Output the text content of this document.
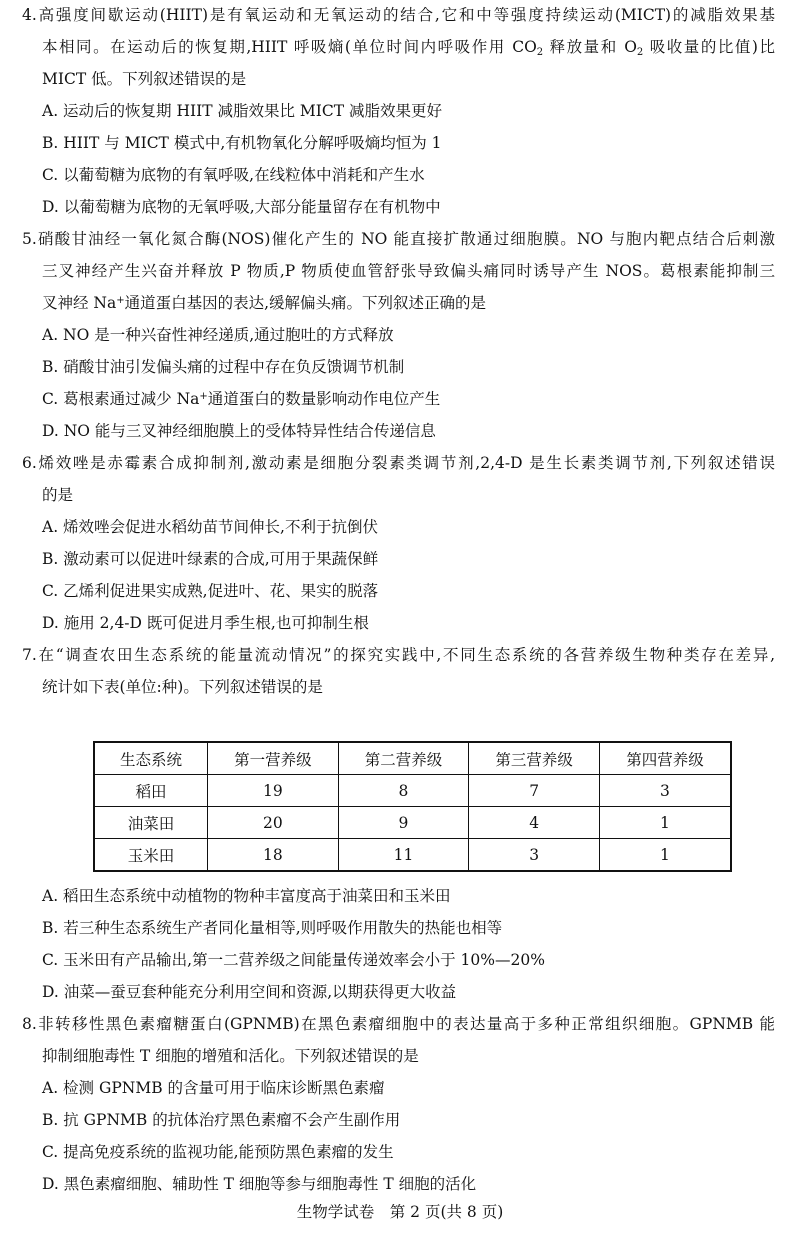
4.高强度间歇运动(HIIT)是有氧运动和无氧运动的结合,它和中等强度持续运动(MICT)的减脂效果基
本相同。在运动后的恢复期,HIIT 呼吸熵(单位时间内呼吸作用 $CO_2$ 释放量和 $O_2$ 吸收量的比值)比
MICT 低。下列叙述错误的是
A. 运动后的恢复期 HIIT 减脂效果比 MICT 减脂效果更好
B. HIIT 与 MICT 模式中,有机物氧化分解呼吸熵均恒为 1
C. 以葡萄糖为底物的有氧呼吸,在线粒体中消耗和产生水
D. 以葡萄糖为底物的无氧呼吸,大部分能量留存在有机物中
5.硝酸甘油经一氧化氮合酶(NOS)催化产生的 NO 能直接扩散通过细胞膜。NO 与胞内靶点结合后刺激
三叉神经产生兴奋并释放 P 物质,P 物质使血管舒张导致偏头痛同时诱导产生 NOS。葛根素能抑制三
叉神经 Na+通道蛋白基因的表达,缓解偏头痛。下列叙述正确的是
A. NO 是一种兴奋性神经递质,通过胞吐的方式释放
B. 硝酸甘油引发偏头痛的过程中存在负反馈调节机制
C. 葛根素通过减少 Na+通道蛋白的数量影响动作电位产生
D. NO 能与三叉神经细胞膜上的受体特异性结合传递信息
6.烯效唑是赤霉素合成抑制剂,激动素是细胞分裂素类调节剂,2,4-D 是生长素类调节剂,下列叙述错误
的是
A. 烯效唑会促进水稻幼苗节间伸长,不利于抗倒伏
B. 激动素可以促进叶绿素的合成,可用于果蔬保鲜
C. 乙烯利促进果实成熟,促进叶、花、果实的脱落
D. 施用 2,4-D 既可促进月季生根,也可抑制生根
7.在“调查农田生态系统的能量流动情况”的探究实践中,不同生态系统的各营养级生物种类存在差异,
统计如下表(单位:种)。下列叙述错误的是
生态系统	第一营养级	第二营养级	第三营养级	第四营养级
稻田	19	8	7	3
油菜田	20	9	4	1
玉米田	18	11	3	1
A. 稻田生态系统中动植物的物种丰富度高于油菜田和玉米田
B. 若三种生态系统生产者同化量相等,则呼吸作用散失的热能也相等
C. 玉米田有产品输出,第一二营养级之间能量传递效率会小于 10%—20%
D. 油菜—蚕豆套种能充分利用空间和资源,以期获得更大收益
8.非转移性黑色素瘤糖蛋白(GPNMB)在黑色素瘤细胞中的表达量高于多种正常组织细胞。GPNMB 能
抑制细胞毒性 T 细胞的增殖和活化。下列叙述错误的是
A. 检测 GPNMB 的含量可用于临床诊断黑色素瘤
B. 抗 GPNMB 的抗体治疗黑色素瘤不会产生副作用
C. 提高免疫系统的监视功能,能预防黑色素瘤的发生
D. 黑色素瘤细胞、辅助性 T 细胞等参与细胞毒性 T 细胞的活化
生物学试卷　第 2 页(共 8 页)
